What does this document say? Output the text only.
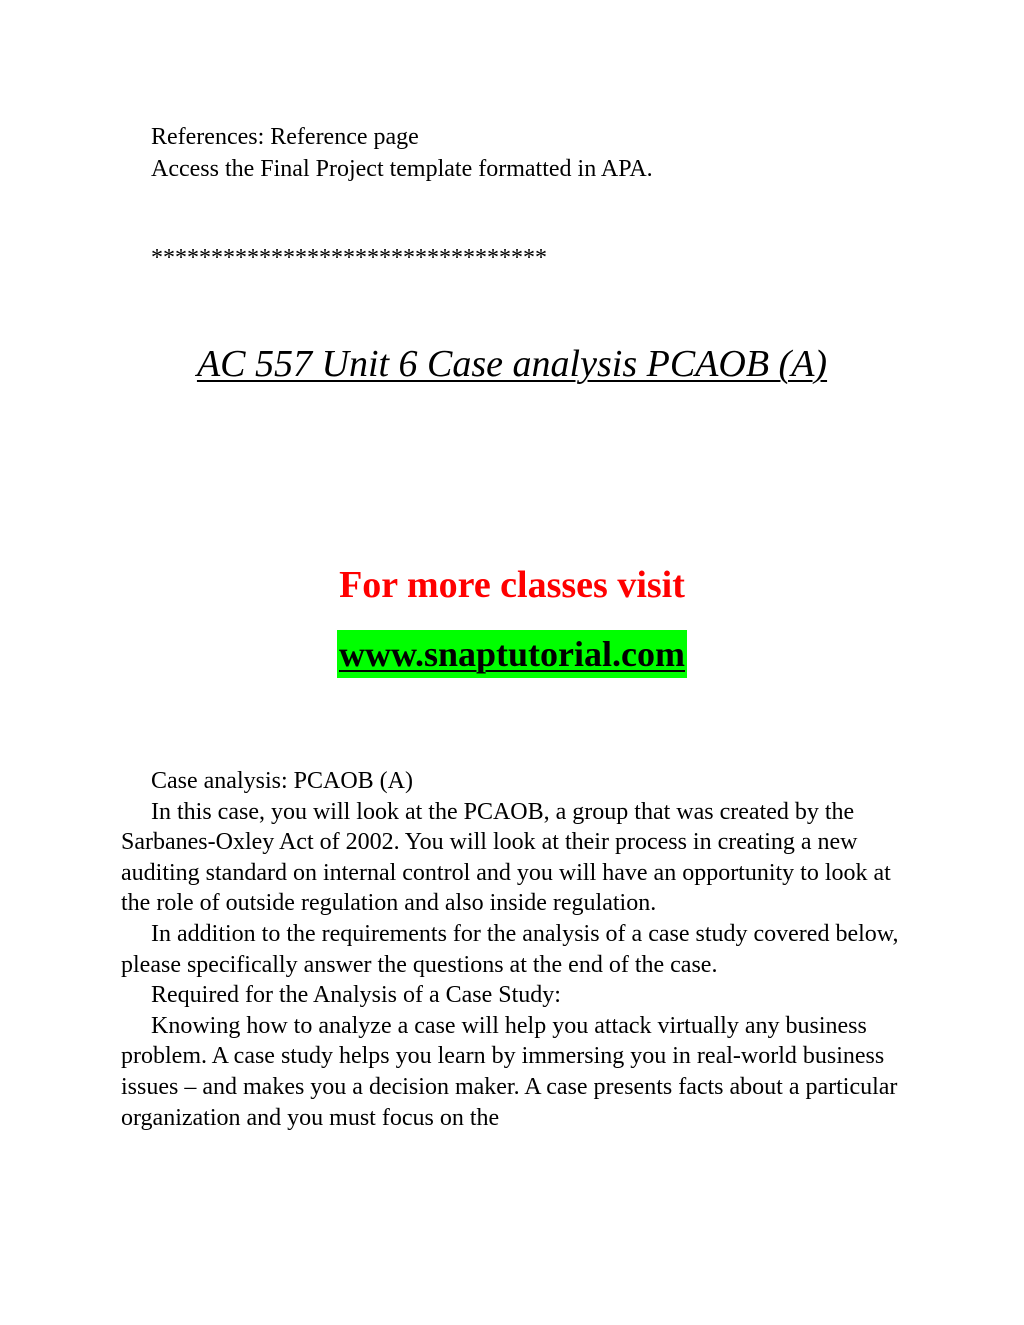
References: Reference page
Access the Final Project template formatted in APA.
*********************************
AC 557 Unit 6 Case analysis PCAOB (A)
For more classes visit
www.snaptutorial.com

Case analysis: PCAOB (A)

In this case, you will look at the PCAOB, a group that was created by the Sarbanes-Oxley Act of 2002. You will look at their process in creating a new auditing standard on internal control and you will have an opportunity to look at the role of outside regulation and also inside regulation.

In addition to the requirements for the analysis of a case study covered below, please specifically answer the questions at the end of the case.

Required for the Analysis of a Case Study:

Knowing how to analyze a case will help you attack virtually any business problem. A case study helps you learn by immersing you in real-world business issues – and makes you a decision maker. A case presents facts about a particular organization and you must focus on the
